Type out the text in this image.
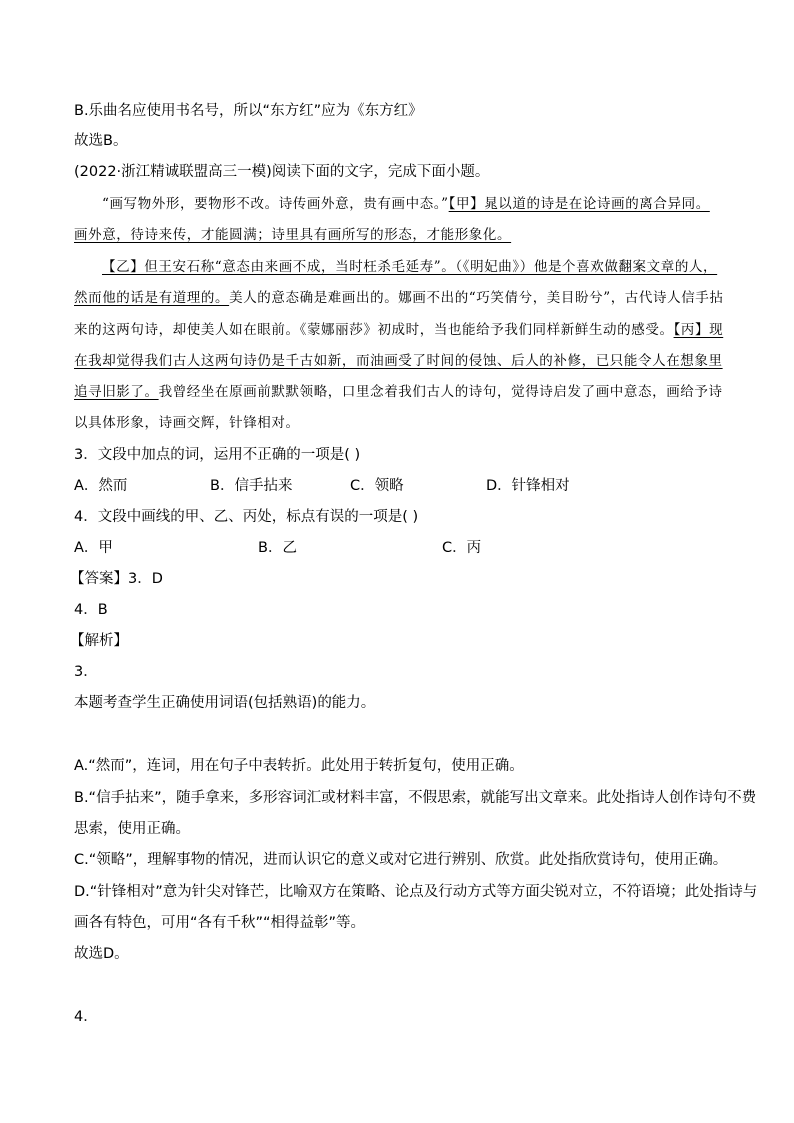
B.乐曲名应使用书名号，所以“东方红”应为《东方红》
故选B。
(2022·浙江精诚联盟高三一模)阅读下面的文字，完成下面小题。
“画写物外形，要物形不改。诗传画外意，贵有画中态。”【甲】晁以道的诗是在论诗画的离合异同。
画外意，待诗来传，才能圆满；诗里具有画所写的形态，才能形象化。
【乙】但王安石称“意态由来画不成，当时枉杀毛延寿”。（《明妃曲》）他是个喜欢做翻案文章的人，
然而他的话是有道理的。美人的意态确是难画出的。娜画不出的“巧笑倩兮，美目盼兮”，古代诗人信手拈
来的这两句诗，却使美人如在眼前。《蒙娜丽莎》初成时，当也能给予我们同样新鲜生动的感受。【丙】现
在我却觉得我们古人这两句诗仍是千古如新，而油画受了时间的侵蚀、后人的补修，已只能令人在想象里
追寻旧影了。我曾经坐在原画前默默领略，口里念着我们古人的诗句，觉得诗启发了画中意态，画给予诗
以具体形象，诗画交辉，针锋相对。
3．文段中加点的词，运用不正确的一项是( )
A．然而	B．信手拈来	C．领略	D．针锋相对
4．文段中画线的甲、乙、丙处，标点有误的一项是( )
A．甲	B．乙	C．丙
【答案】3．D
4．B
【解析】
3．
本题考查学生正确使用词语(包括熟语)的能力。
A.“然而”，连词，用在句子中表转折。此处用于转折复句，使用正确。
B.“信手拈来”，随手拿来，多形容词汇或材料丰富，不假思索，就能写出文章来。此处指诗人创作诗句不费
思索，使用正确。
C.“领略”，理解事物的情况，进而认识它的意义或对它进行辨别、欣赏。此处指欣赏诗句，使用正确。
D.“针锋相对”意为针尖对锋芒，比喻双方在策略、论点及行动方式等方面尖锐对立，不符语境；此处指诗与
画各有特色，可用“各有千秋”“相得益彰”等。
故选D。
4．
